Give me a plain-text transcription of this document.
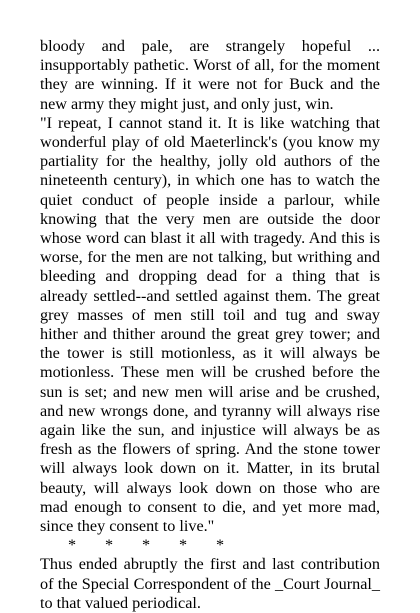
bloody and pale, are strangely hopeful ... insupportably pathetic. Worst of all, for the moment they are winning. If it were not for Buck and the new army they might just, and only just, win.

"I repeat, I cannot stand it. It is like watching that wonderful play of old Maeterlinck's (you know my partiality for the healthy, jolly old authors of the nineteenth century), in which one has to watch the quiet conduct of people inside a parlour, while knowing that the very men are outside the door whose word can blast it all with tragedy. And this is worse, for the men are not talking, but writhing and bleeding and dropping dead for a thing that is already settled--and settled against them. The great grey masses of men still toil and tug and sway hither and thither around the great grey tower; and the tower is still motionless, as it will always be motionless. These men will be crushed before the sun is set; and new men will arise and be crushed, and new wrongs done, and tyranny will always rise again like the sun, and injustice will always be as fresh as the flowers of spring. And the stone tower will always look down on it. Matter, in its brutal beauty, will always look down on those who are mad enough to consent to die, and yet more mad, since they consent to live."

* * * * *

Thus ended abruptly the first and last contribution of the Special Correspondent of the _Court Journal_ to that valued periodical.
